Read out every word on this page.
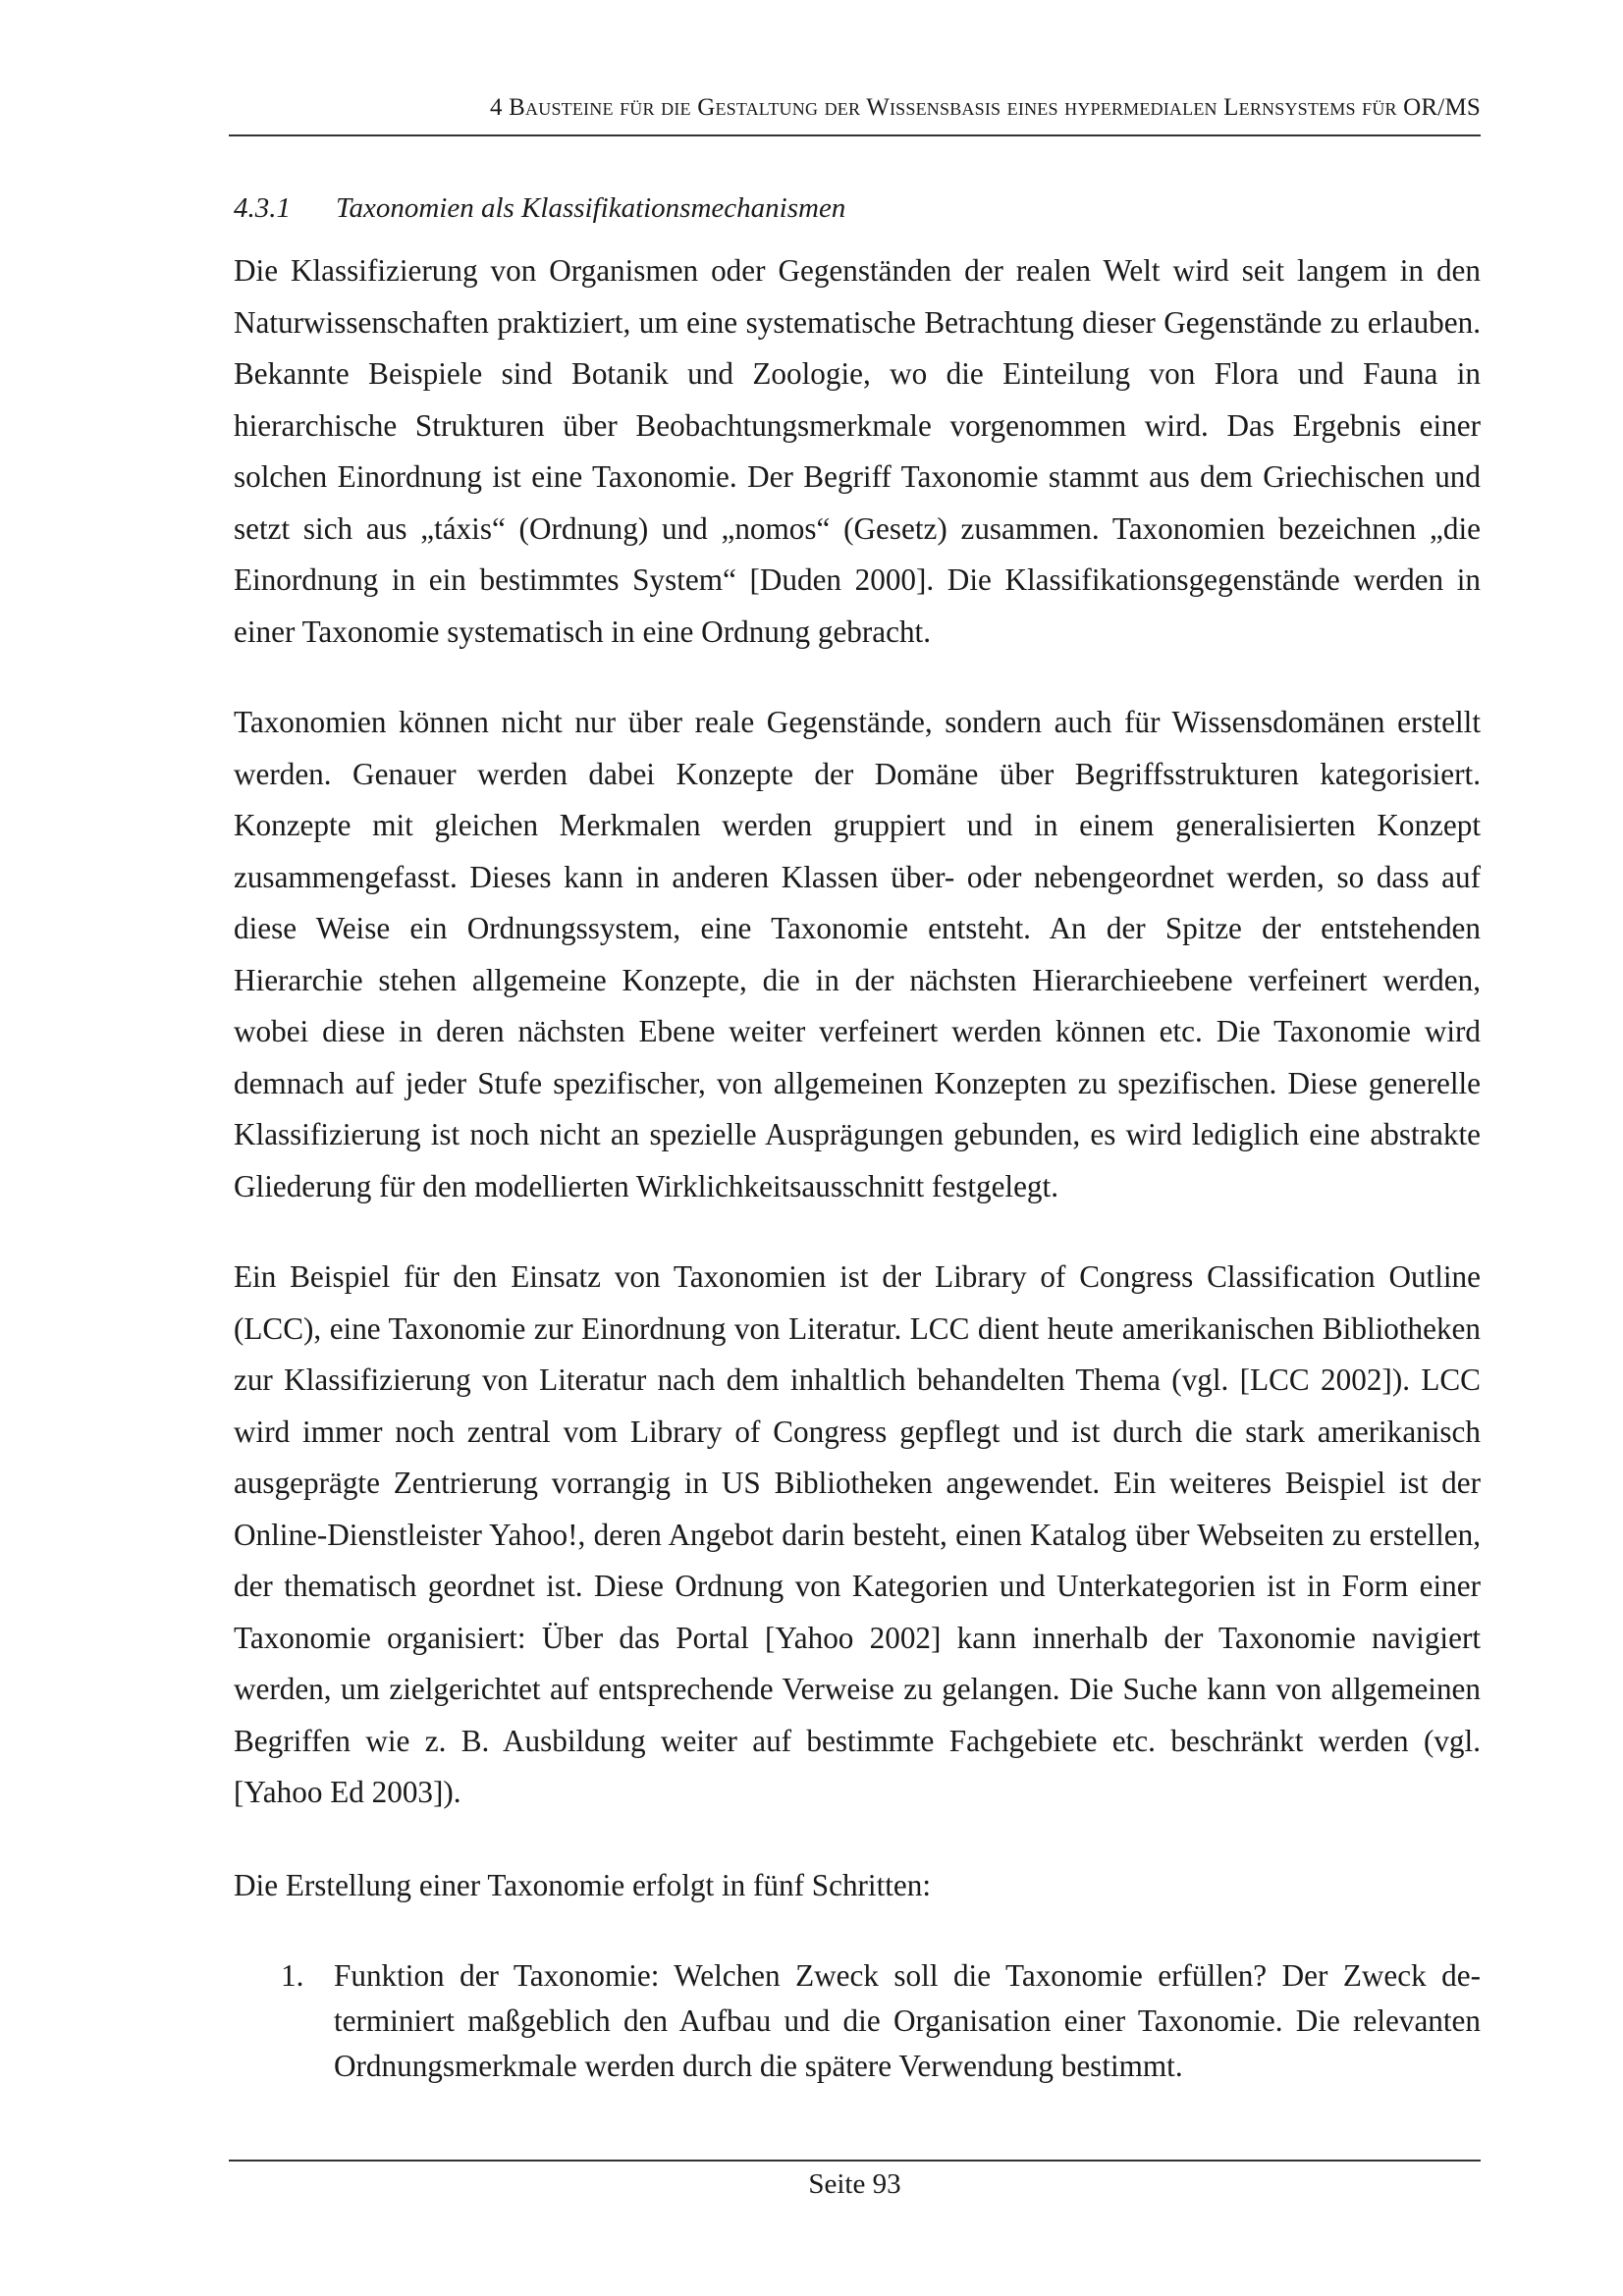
4 Bausteine für die Gestaltung der Wissensbasis eines hypermedialen Lernsystems für OR/MS
4.3.1 Taxonomien als Klassifikationsmechanismen
Die Klassifizierung von Organismen oder Gegenständen der realen Welt wird seit langem in den Naturwissenschaften praktiziert, um eine systematische Betrachtung dieser Gegenstände zu erlauben. Bekannte Beispiele sind Botanik und Zoologie, wo die Einteilung von Flora und Fauna in hierarchische Strukturen über Beobachtungsmerkmale vorgenommen wird. Das Ergebnis einer solchen Einordnung ist eine Taxonomie. Der Begriff Taxonomie stammt aus dem Griechischen und setzt sich aus „táxis“ (Ordnung) und „nomos“ (Gesetz) zusammen. Taxonomien bezeichnen „die Einordnung in ein bestimmtes System“ [Duden 2000]. Die Klassifikationsgegenstände werden in einer Taxonomie systematisch in eine Ordnung gebracht.
Taxonomien können nicht nur über reale Gegenstände, sondern auch für Wissensdomänen erstellt werden. Genauer werden dabei Konzepte der Domäne über Begriffsstrukturen kategorisiert. Konzepte mit gleichen Merkmalen werden gruppiert und in einem generalisierten Konzept zusammengefasst. Dieses kann in anderen Klassen über- oder nebengeordnet werden, so dass auf diese Weise ein Ordnungssystem, eine Taxonomie entsteht. An der Spitze der entstehenden Hierarchie stehen allgemeine Konzepte, die in der nächsten Hierarchieebene verfeinert werden, wobei diese in deren nächsten Ebene weiter verfeinert werden können etc. Die Taxonomie wird demnach auf jeder Stufe spezifischer, von allgemeinen Konzepten zu spezifischen. Diese generelle Klassifizierung ist noch nicht an spezielle Ausprägungen gebunden, es wird lediglich eine abstrakte Gliederung für den modellierten Wirklichkeitsausschnitt festgelegt.
Ein Beispiel für den Einsatz von Taxonomien ist der Library of Congress Classification Outline (LCC), eine Taxonomie zur Einordnung von Literatur. LCC dient heute amerikanischen Bibliotheken zur Klassifizierung von Literatur nach dem inhaltlich behandelten Thema (vgl. [LCC 2002]). LCC wird immer noch zentral vom Library of Congress gepflegt und ist durch die stark amerikanisch ausgeprägte Zentrierung vorrangig in US Bibliotheken angewendet. Ein weiteres Beispiel ist der Online-Dienstleister Yahoo!, deren Angebot darin besteht, einen Katalog über Webseiten zu erstellen, der thematisch geordnet ist. Diese Ordnung von Kategorien und Unterkategorien ist in Form einer Taxonomie organisiert: Über das Portal [Yahoo 2002] kann innerhalb der Taxonomie navigiert werden, um zielgerichtet auf entsprechende Verweise zu gelangen. Die Suche kann von allgemeinen Begriffen wie z. B. Ausbildung weiter auf bestimmte Fachgebiete etc. beschränkt werden (vgl. [Yahoo Ed 2003]).
Die Erstellung einer Taxonomie erfolgt in fünf Schritten:
1. Funktion der Taxonomie: Welchen Zweck soll die Taxonomie erfüllen? Der Zweck determiniert maßgeblich den Aufbau und die Organisation einer Taxonomie. Die relevanten Ordnungsmerkmale werden durch die spätere Verwendung bestimmt.
Seite 93
